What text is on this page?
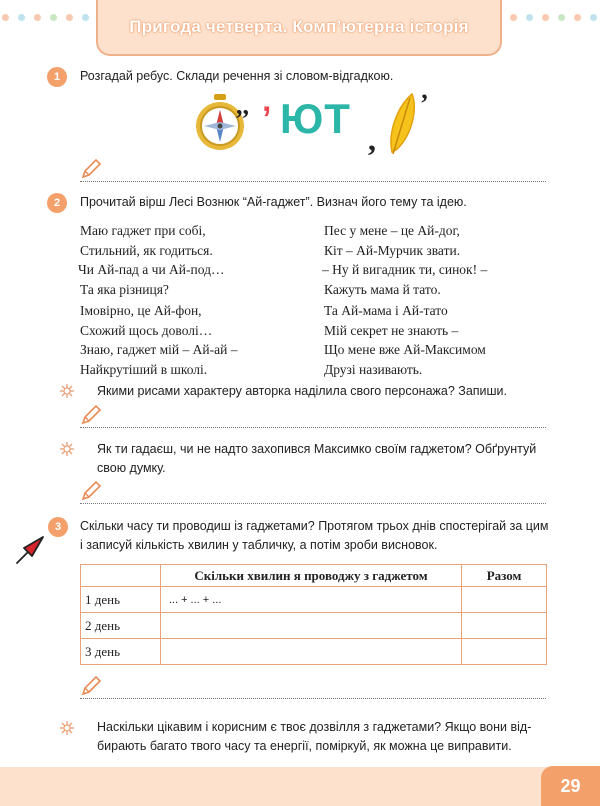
Пригода четверта. Комп’ютерна історія
1	Розгадай ребус. Склади речення зі словом-відгадкою.
,, ’ ЮТ ,
’
2	Прочитай вірш Лесі Вознюк “Ай-гаджет”. Визнач його тему та ідею.
Маю гаджет при собі,
Стильний, як годиться.
Чи Ай-пад а чи Ай-под…
Та яка різниця?
Пес у мене – це Ай-дог,
Кіт – Ай-Мурчик звати.
– Ну й вигадник ти, синок! –
Кажуть мама й тато.
Імовірно, це Ай-фон,
Схожий щось доволі…
Знаю, гаджет мій – Ай-ай –
Найкрутіший в школі.
Та Ай-мама і Ай-тато
Мій секрет не знають –
Що мене вже Ай-Максимом
Друзі називають.
Якими рисами характеру авторка наділила свого персонажа? Запиши.
Як ти гадаєш, чи не надто захопився Максимко своїм гаджетом? Обґрунтуй
свою думку.
3	Скільки часу ти проводиш із гаджетами? Протягом трьох днів спостерігай за цим
і записуй кількість хвилин у табличку, а потім зроби висновок.
	Скільки хвилин я проводжу з гаджетом	Разом
1 день	... + ... + ...	
2 день		
3 день		
Наскільки цікавим і корисним є твоє дозвілля з гаджетами? Якщо вони від-
бирають багато твого часу та енергії, поміркуй, як можна це виправити.
29
